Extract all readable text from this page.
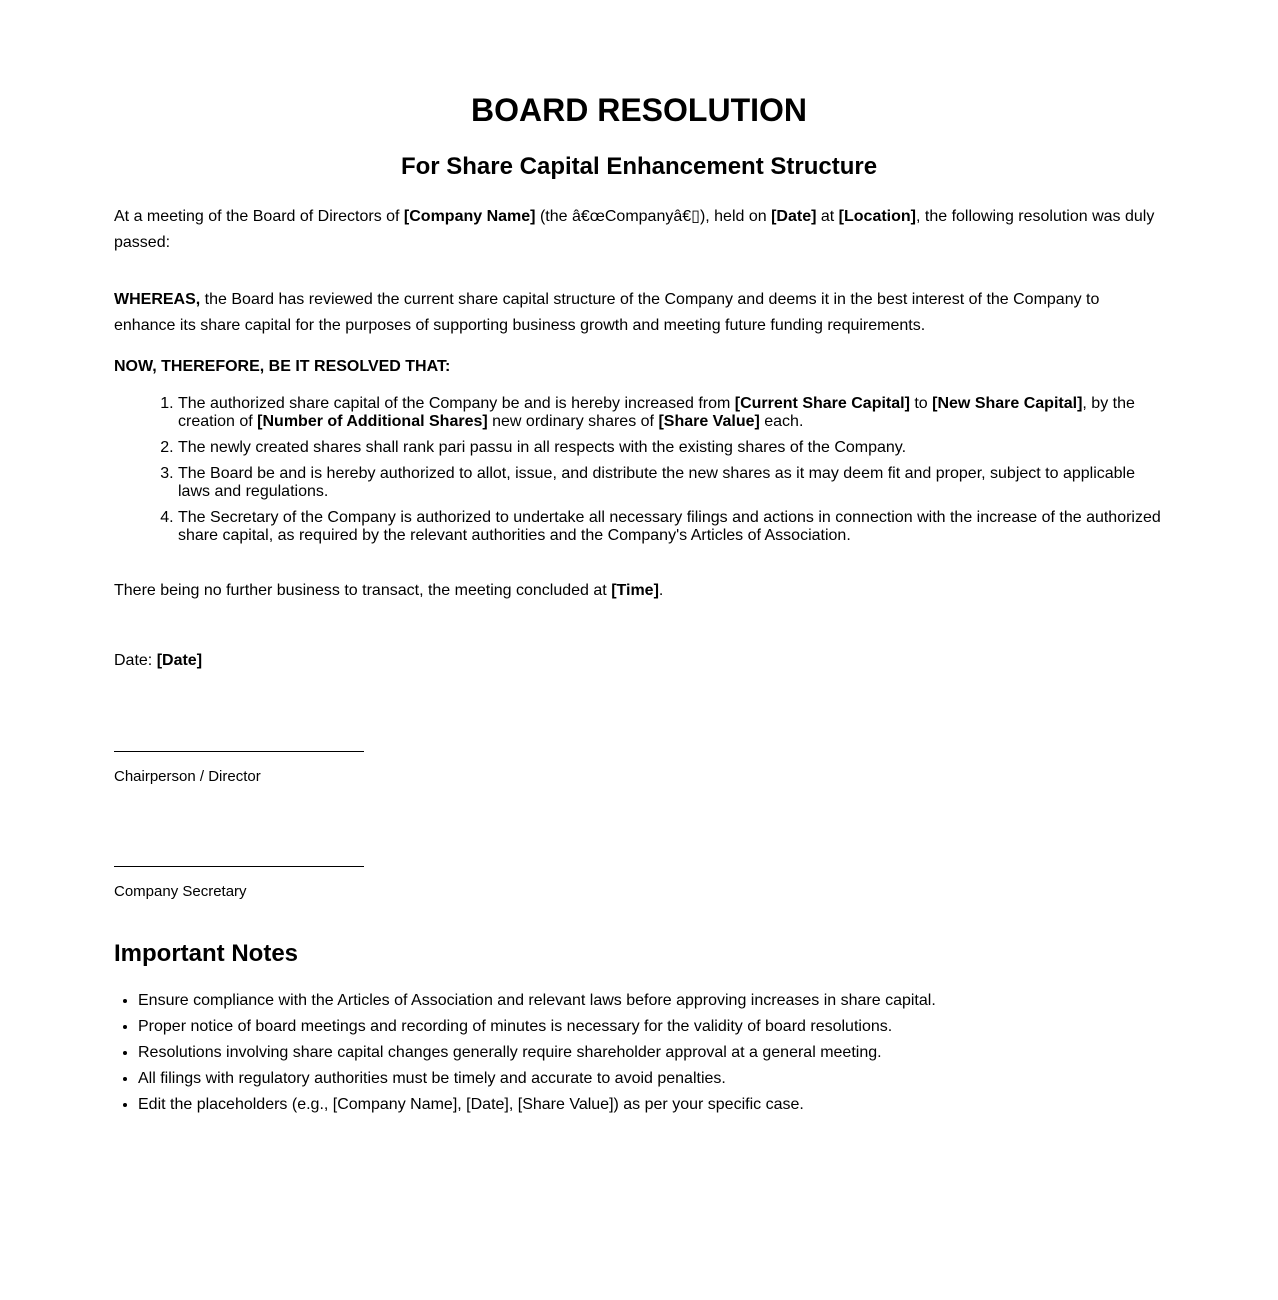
BOARD RESOLUTION
For Share Capital Enhancement Structure

At a meeting of the Board of Directors of [Company Name] (the â€œCompanyâ€▯), held on [Date] at [Location], the following resolution was duly passed:

WHEREAS, the Board has reviewed the current share capital structure of the Company and deems it in the best interest of the Company to enhance its share capital for the purposes of supporting business growth and meeting future funding requirements.

NOW, THEREFORE, BE IT RESOLVED THAT:

1. The authorized share capital of the Company be and is hereby increased from [Current Share Capital] to [New Share Capital], by the creation of [Number of Additional Shares] new ordinary shares of [Share Value] each.
2. The newly created shares shall rank pari passu in all respects with the existing shares of the Company.
3. The Board be and is hereby authorized to allot, issue, and distribute the new shares as it may deem fit and proper, subject to applicable laws and regulations.
4. The Secretary of the Company is authorized to undertake all necessary filings and actions in connection with the increase of the authorized share capital, as required by the relevant authorities and the Company's Articles of Association.

There being no further business to transact, the meeting concluded at [Time].

Date: [Date]

Chairperson / Director
Company Secretary
Important Notes
• Ensure compliance with the Articles of Association and relevant laws before approving increases in share capital.
• Proper notice of board meetings and recording of minutes is necessary for the validity of board resolutions.
• Resolutions involving share capital changes generally require shareholder approval at a general meeting.
• All filings with regulatory authorities must be timely and accurate to avoid penalties.
• Edit the placeholders (e.g., [Company Name], [Date], [Share Value]) as per your specific case.
